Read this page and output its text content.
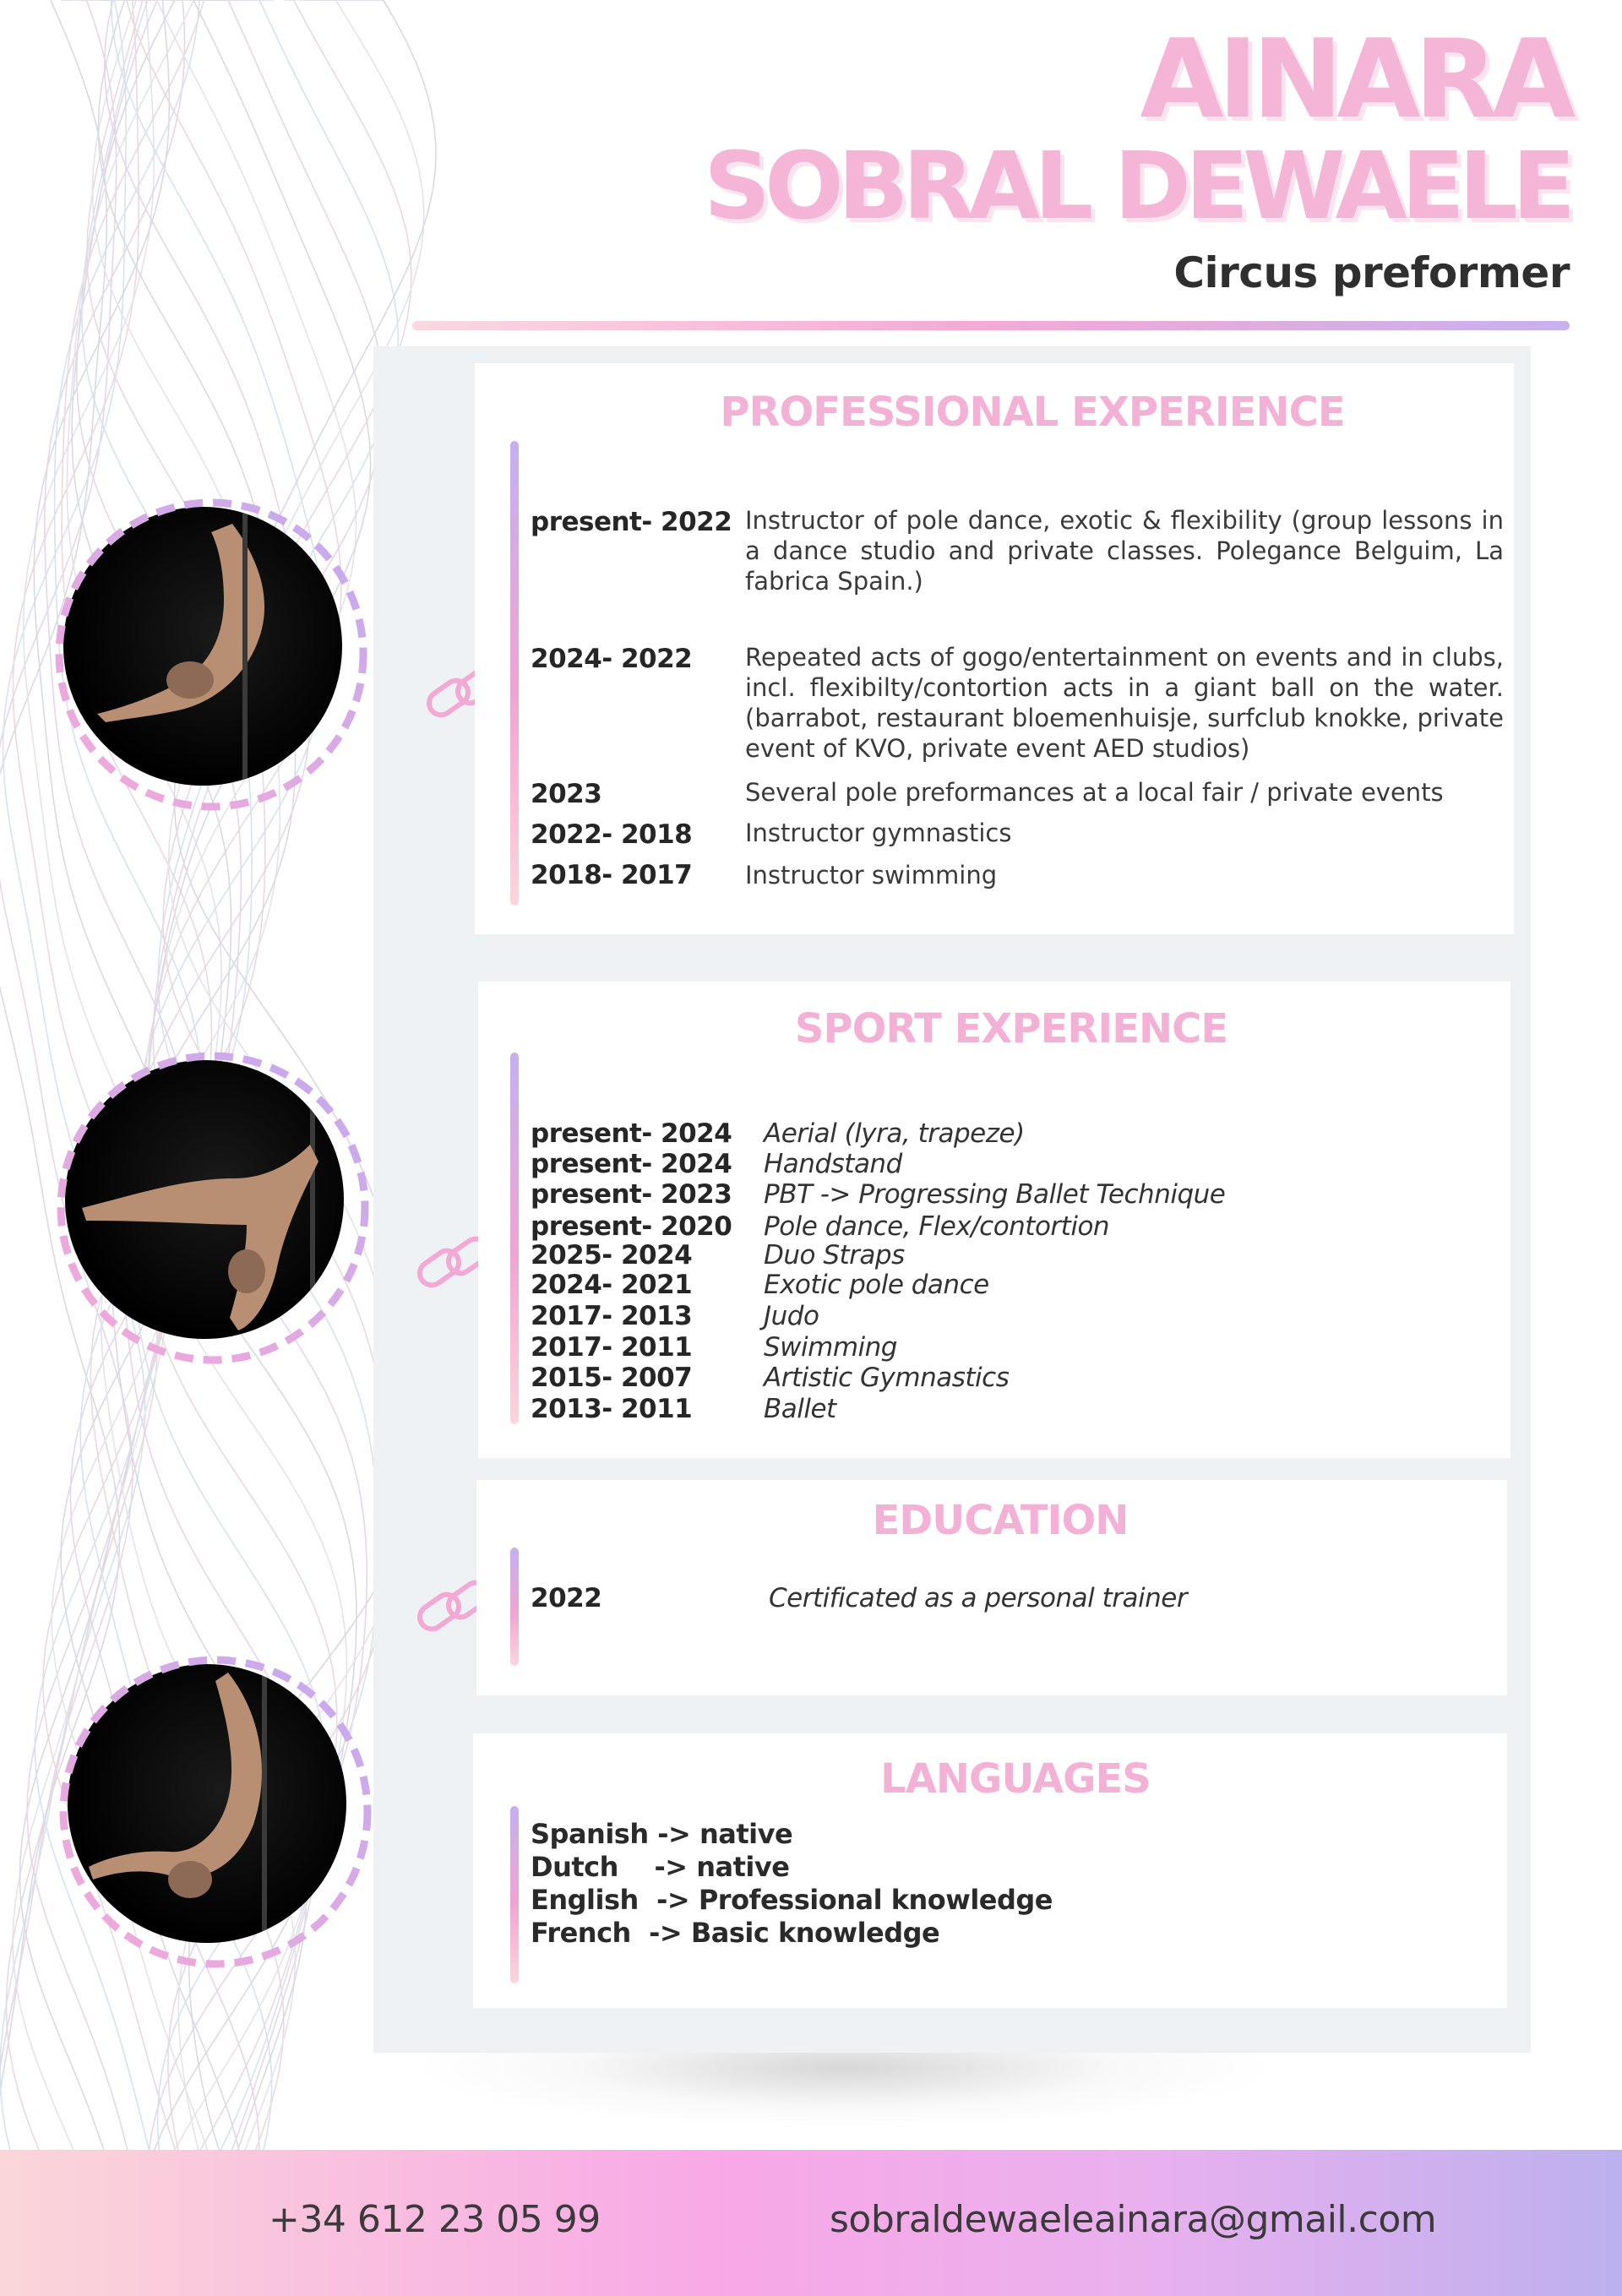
AINARA
SOBRAL DEWAELE
Circus preformer
PROFESSIONAL EXPERIENCE
present- 2022 Instructor of pole dance, exotic & flexibility (group lessons in a dance studio and private classes. Polegance Belguim, La fabrica Spain.)

2024- 2022 Repeated acts of gogo/entertainment on events and in clubs, incl. flexibilty/contortion acts in a giant ball on the water.(barrabot, restaurant bloemenhuisje, surfclub knokke, private event of KVO, private event AED studios)

2023	Several pole preformances at a local fair / private events

2022- 2018 Instructor gymnastics

2018- 2017 Instructor swimming

SPORT EXPERIENCE
present- 2024 Aerial (lyra, trapeze)
present- 2024 Handstand
present- 2023 PBT -> Progressing Ballet Technique
present- 2020 Pole dance, Flex/contortion
2025- 2024	Duo Straps
2024- 2021	Exotic pole dance
2017- 2013	Judo
2017- 2011	Swimming
2015- 2007	Artistic Gymnastics
2013- 2011	Ballet
EDUCATION
2022	Certificated as a personal trainer
LANGUAGES
Spanish -> native
Dutch    -> native
English  -> Professional knowledge
French  -> Basic knowledge

+34 612 23 05 99	sobraldewaeleainara@gmail.com
